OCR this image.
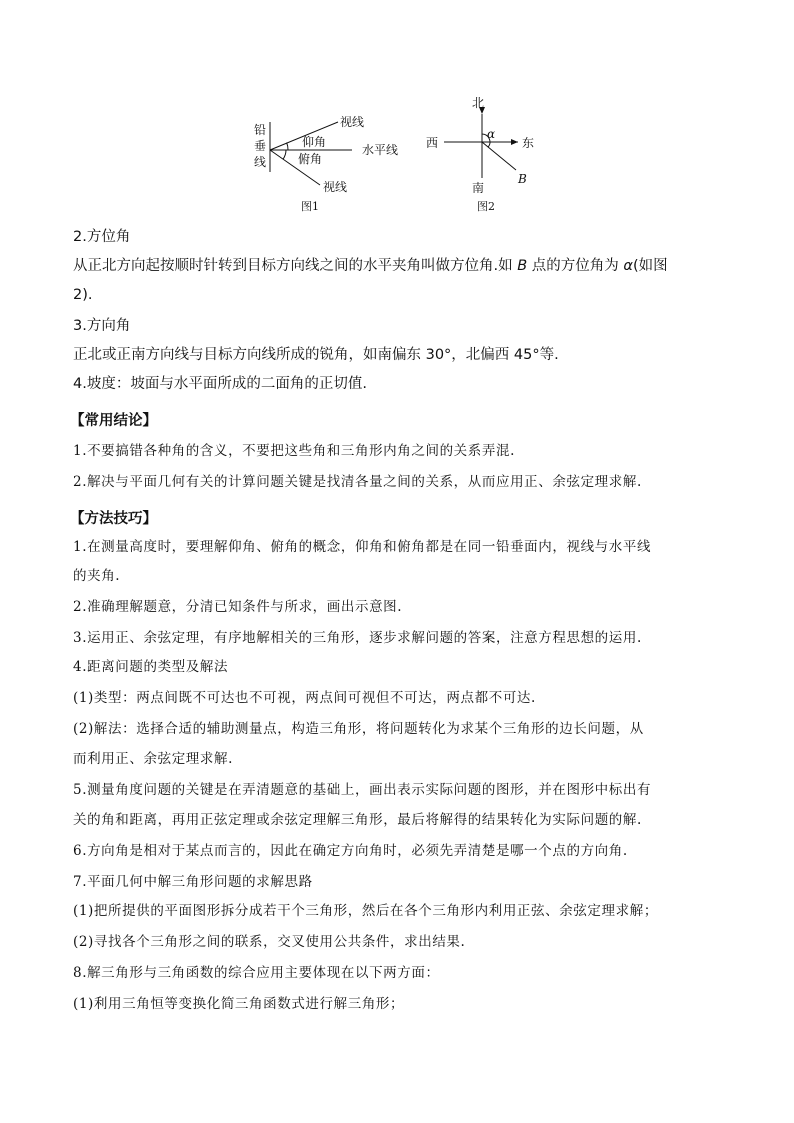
铅
垂
线
视线
仰角
水平线
俯角
视线
图1
北
南
西	东
α
B
图2
2.方位角
从正北方向起按顺时针转到目标方向线之间的水平夹角叫做方位角.如 B 点的方位角为 α(如图
2).
3.方向角
正北或正南方向线与目标方向线所成的锐角，如南偏东 30°，北偏西 45°等.
4.坡度：坡面与水平面所成的二面角的正切值.
【常用结论】
1.不要搞错各种角的含义，不要把这些角和三角形内角之间的关系弄混.
2.解决与平面几何有关的计算问题关键是找清各量之间的关系，从而应用正、余弦定理求解.
【方法技巧】
1.在测量高度时，要理解仰角、俯角的概念，仰角和俯角都是在同一铅垂面内，视线与水平线
的夹角.
2.准确理解题意，分清已知条件与所求，画出示意图.
3.运用正、余弦定理，有序地解相关的三角形，逐步求解问题的答案，注意方程思想的运用.
4.距离问题的类型及解法
(1)类型：两点间既不可达也不可视，两点间可视但不可达，两点都不可达.
(2)解法：选择合适的辅助测量点，构造三角形，将问题转化为求某个三角形的边长问题，从
而利用正、余弦定理求解.
5.测量角度问题的关键是在弄清题意的基础上，画出表示实际问题的图形，并在图形中标出有
关的角和距离，再用正弦定理或余弦定理解三角形，最后将解得的结果转化为实际问题的解.
6.方向角是相对于某点而言的，因此在确定方向角时，必须先弄清楚是哪一个点的方向角.
7.平面几何中解三角形问题的求解思路
(1)把所提供的平面图形拆分成若干个三角形，然后在各个三角形内利用正弦、余弦定理求解；
(2)寻找各个三角形之间的联系，交叉使用公共条件，求出结果.
8.解三角形与三角函数的综合应用主要体现在以下两方面：
(1)利用三角恒等变换化简三角函数式进行解三角形；
